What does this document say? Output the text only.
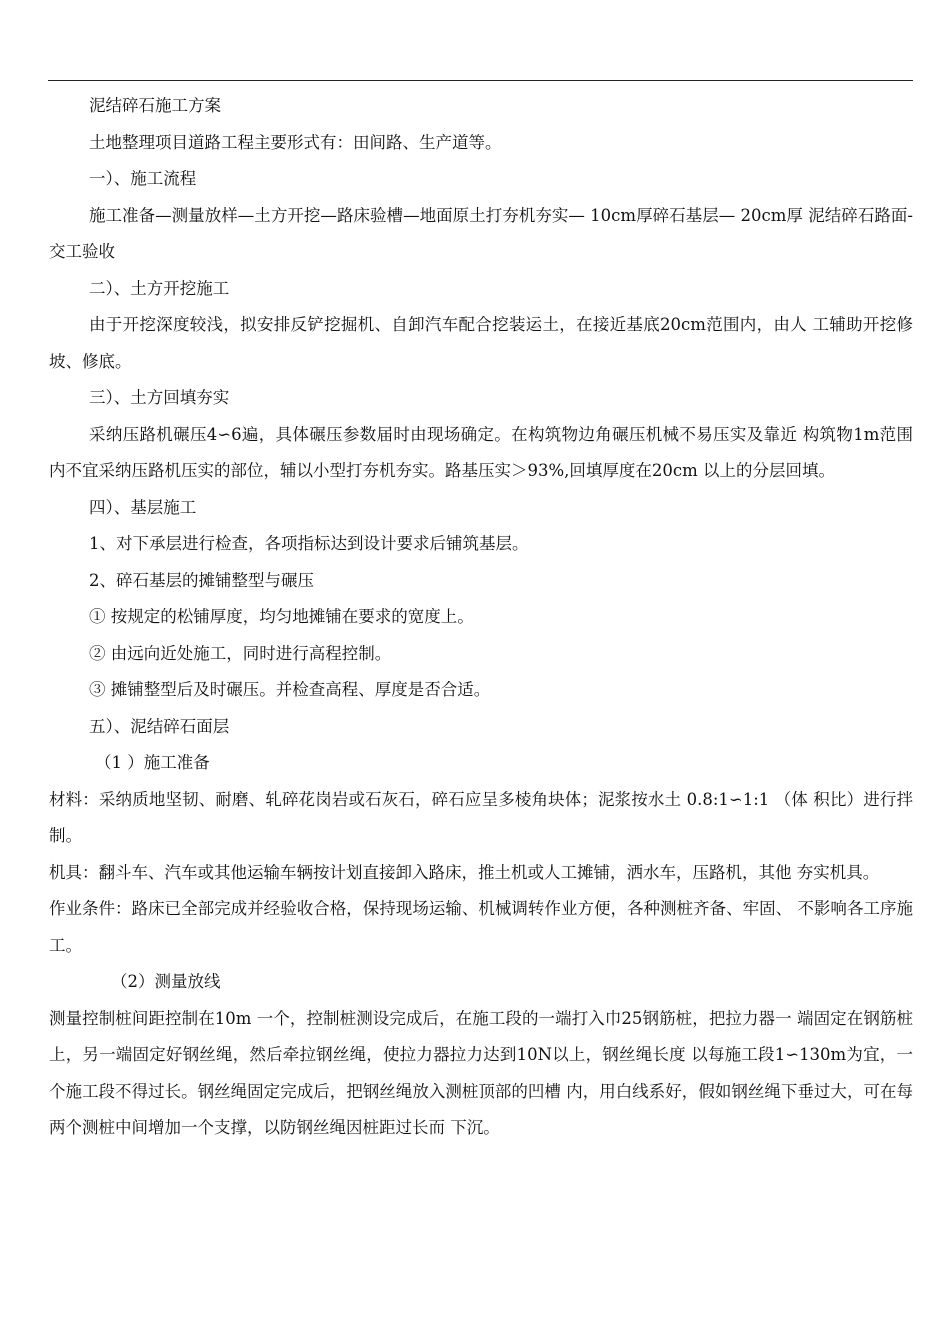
泥结碎石施工方案

土地整理项目道路工程主要形式有：田间路、生产道等。

一）、施工流程

施工准备—测量放样—土方开挖—路床验槽—地面原土打夯机夯实— 10cm厚碎石基层— 20cm厚 泥结碎石路面-交工验收

二）、土方开挖施工

由于开挖深度较浅，拟安排反铲挖掘机、自卸汽车配合挖装运土，在接近基底20cm范围内，由人 工辅助开挖修坡、修底。

三）、土方回填夯实

采纳压路机碾压4∽6遍，具体碾压参数届时由现场确定。在构筑物边角碾压机械不易压实及靠近 构筑物1m范围内不宜采纳压路机压实的部位，辅以小型打夯机夯实。路基压实＞93%,回填厚度在20cm 以上的分层回填。

四）、基层施工

1、对下承层进行检查，各项指标达到设计要求后铺筑基层。

2、碎石基层的摊铺整型与碾压

① 按规定的松铺厚度，均匀地摊铺在要求的宽度上。

② 由远向近处施工，同时进行高程控制。

③ 摊铺整型后及时碾压。并检查高程、厚度是否合适。

五）、泥结碎石面层

（1 ）施工准备

材料：采纳质地坚韧、耐磨、轧碎花岗岩或石灰石，碎石应呈多棱角块体；泥浆按水土 0.8:1∽1:1 （体 积比）进行拌制。

机具：翻斗车、汽车或其他运输车辆按计划直接卸入路床，推土机或人工摊铺，洒水车，压路机，其他 夯实机具。

作业条件：路床已全部完成并经验收合格，保持现场运输、机械调转作业方便，各种测桩齐备、牢固、 不影响各工序施工。

（2）测量放线

测量控制桩间距控制在10m 一个，控制桩测设完成后，在施工段的一端打入巾25钢筋桩，把拉力器一 端固定在钢筋桩上，另一端固定好钢丝绳，然后牵拉钢丝绳，使拉力器拉力达到10N以上，钢丝绳长度 以每施工段1∽130m为宜，一个施工段不得过长。钢丝绳固定完成后，把钢丝绳放入测桩顶部的凹槽 内，用白线系好，假如钢丝绳下垂过大，可在每两个测桩中间增加一个支撑，以防钢丝绳因桩距过长而 下沉。
